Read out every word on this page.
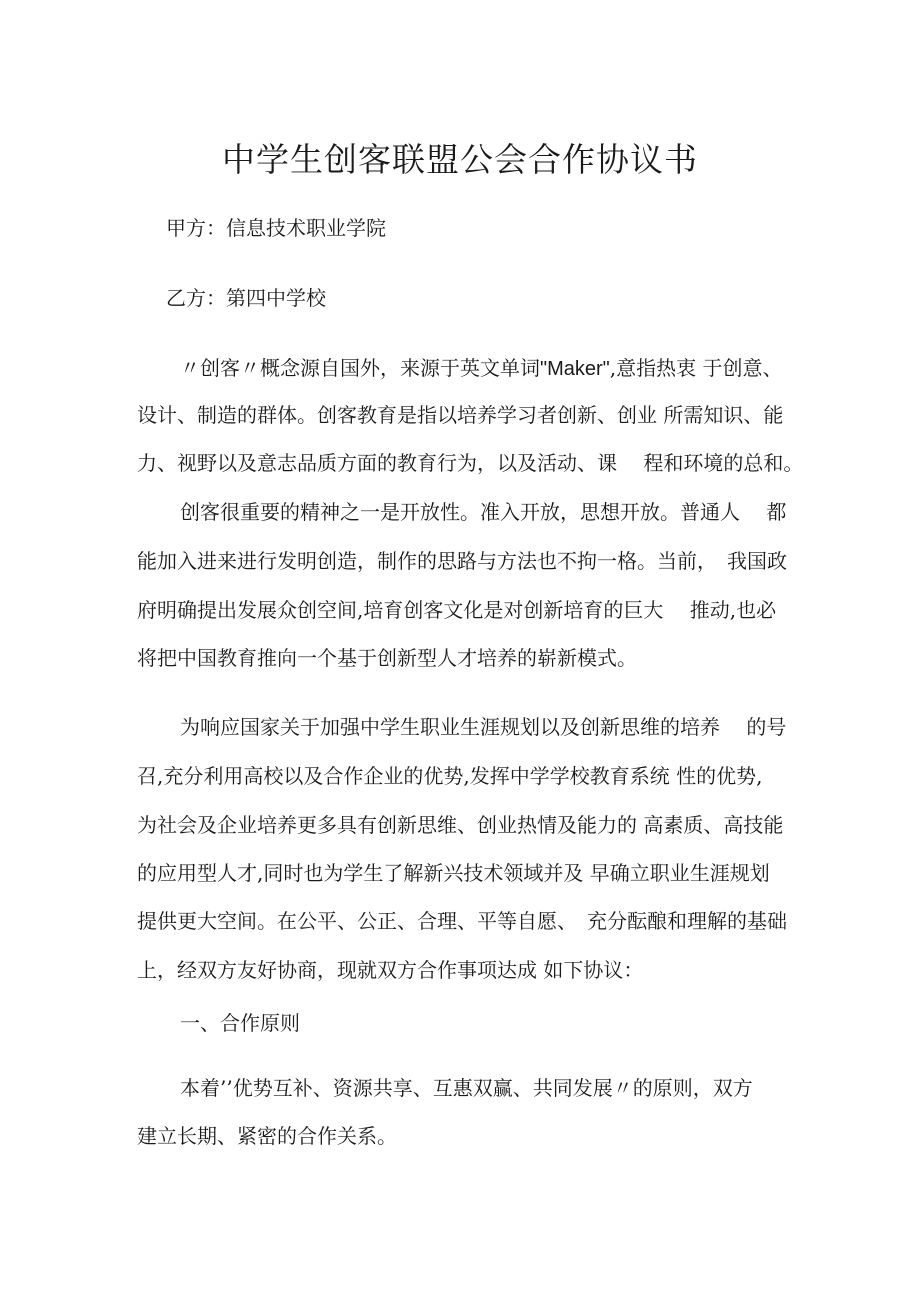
中学生创客联盟公会合作协议书
甲方：信息技术职业学院
乙方：第四中学校
〃创客〃概念源自国外，来源于英文单词"Maker",意指热衷 于创意、
设计、制造的群体。创客教育是指以培养学习者创新、创业 所需知识、能
力、视野以及意志品质方面的教育行为，以及活动、课　 程和环境的总和。
创客很重要的精神之一是开放性。准入开放，思想开放。普通人　 都
能加入进来进行发明创造，制作的思路与方法也不拘一格。当前，　我国政
府明确提出发展众创空间,培育创客文化是对创新培育的巨大　 推动,也必
将把中国教育推向一个基于创新型人才培养的崭新模式。
为响应国家关于加强中学生职业生涯规划以及创新思维的培养　 的号
召,充分利用高校以及合作企业的优势,发挥中学学校教育系统 性的优势,
为社会及企业培养更多具有创新思维、创业热情及能力的 高素质、高技能
的应用型人才,同时也为学生了解新兴技术领域并及 早确立职业生涯规划
提供更大空间。在公平、公正、合理、平等自愿、　充分酝酿和理解的基础
上，经双方友好协商，现就双方合作事项达成 如下协议：
一、合作原则
本着’’优势互补、资源共享、互惠双赢、共同发展〃的原则，双方
建立长期、紧密的合作关系。
